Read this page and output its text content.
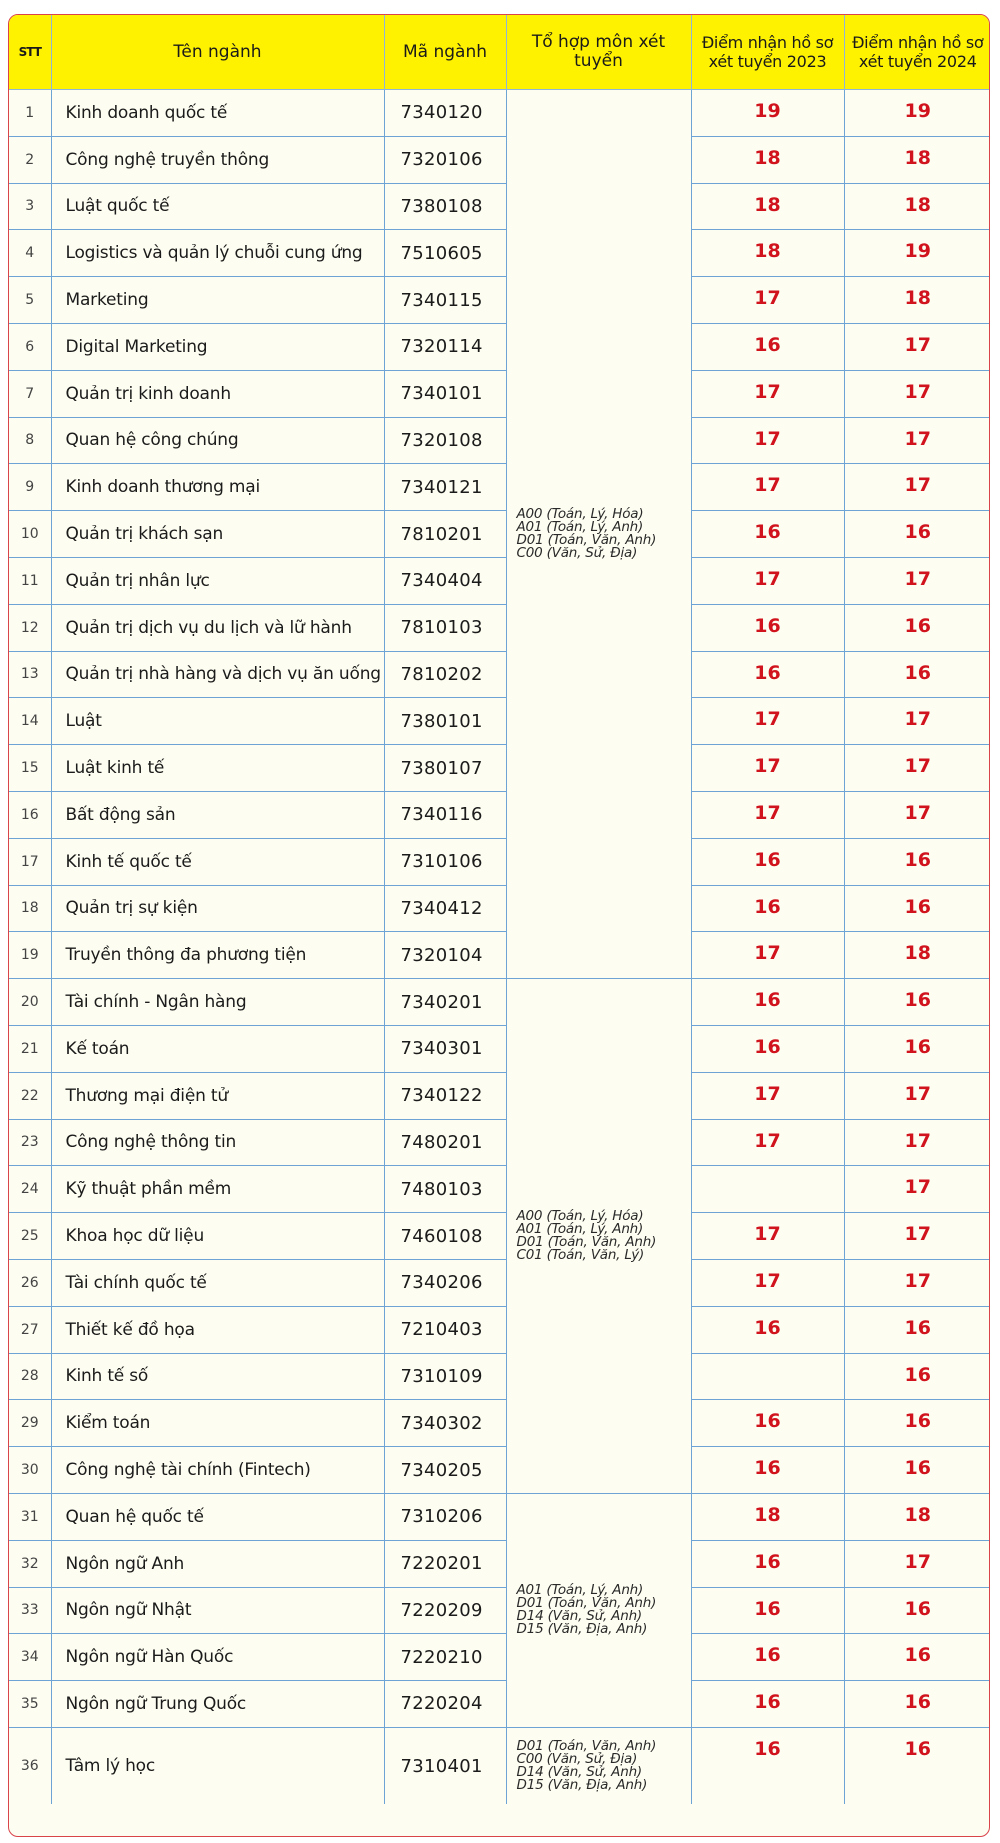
STT	Tên ngành	Mã ngành	Tổ hợp môn xét tuyển	Điểm nhận hồ sơ xét tuyển 2023	Điểm nhận hồ sơ xét tuyển 2024
1	Kinh doanh quốc tế	7340120	A00 (Toán, Lý, Hóa)
A01 (Toán, Lý, Anh)
D01 (Toán, Văn, Anh)
C00 (Văn, Sử, Địa)	19	19
2	Công nghệ truyền thông	7320106		18	18
3	Luật quốc tế	7380108		18	18
4	Logistics và quản lý chuỗi cung ứng	7510605		18	19
5	Marketing	7340115		17	18
6	Digital Marketing	7320114		16	17
7	Quản trị kinh doanh	7340101		17	17
8	Quan hệ công chúng	7320108		17	17
9	Kinh doanh thương mại	7340121		17	17
10	Quản trị khách sạn	7810201		16	16
11	Quản trị nhân lực	7340404		17	17
12	Quản trị dịch vụ du lịch và lữ hành	7810103		16	16
13	Quản trị nhà hàng và dịch vụ ăn uống	7810202		16	16
14	Luật	7380101		17	17
15	Luật kinh tế	7380107		17	17
16	Bất động sản	7340116		17	17
17	Kinh tế quốc tế	7310106		16	16
18	Quản trị sự kiện	7340412		16	16
19	Truyền thông đa phương tiện	7320104		17	18
20	Tài chính - Ngân hàng	7340201	A00 (Toán, Lý, Hóa)
A01 (Toán, Lý, Anh)
D01 (Toán, Văn, Anh)
C01 (Toán, Văn, Lý)	16	16
21	Kế toán	7340301		16	16
22	Thương mại điện tử	7340122		17	17
23	Công nghệ thông tin	7480201		17	17
24	Kỹ thuật phần mềm	7480103			17
25	Khoa học dữ liệu	7460108		17	17
26	Tài chính quốc tế	7340206		17	17
27	Thiết kế đồ họa	7210403		16	16
28	Kinh tế số	7310109			16
29	Kiểm toán	7340302		16	16
30	Công nghệ tài chính (Fintech)	7340205		16	16
31	Quan hệ quốc tế	7310206	A01 (Toán, Lý, Anh)
D01 (Toán, Văn, Anh)
D14 (Văn, Sử, Anh)
D15 (Văn, Địa, Anh)	18	18
32	Ngôn ngữ Anh	7220201		16	17
33	Ngôn ngữ Nhật	7220209		16	16
34	Ngôn ngữ Hàn Quốc	7220210		16	16
35	Ngôn ngữ Trung Quốc	7220204		16	16
36	Tâm lý học	7310401	D01 (Toán, Văn, Anh)
C00 (Văn, Sử, Địa)
D14 (Văn, Sử, Anh)
D15 (Văn, Địa, Anh)	16	16
